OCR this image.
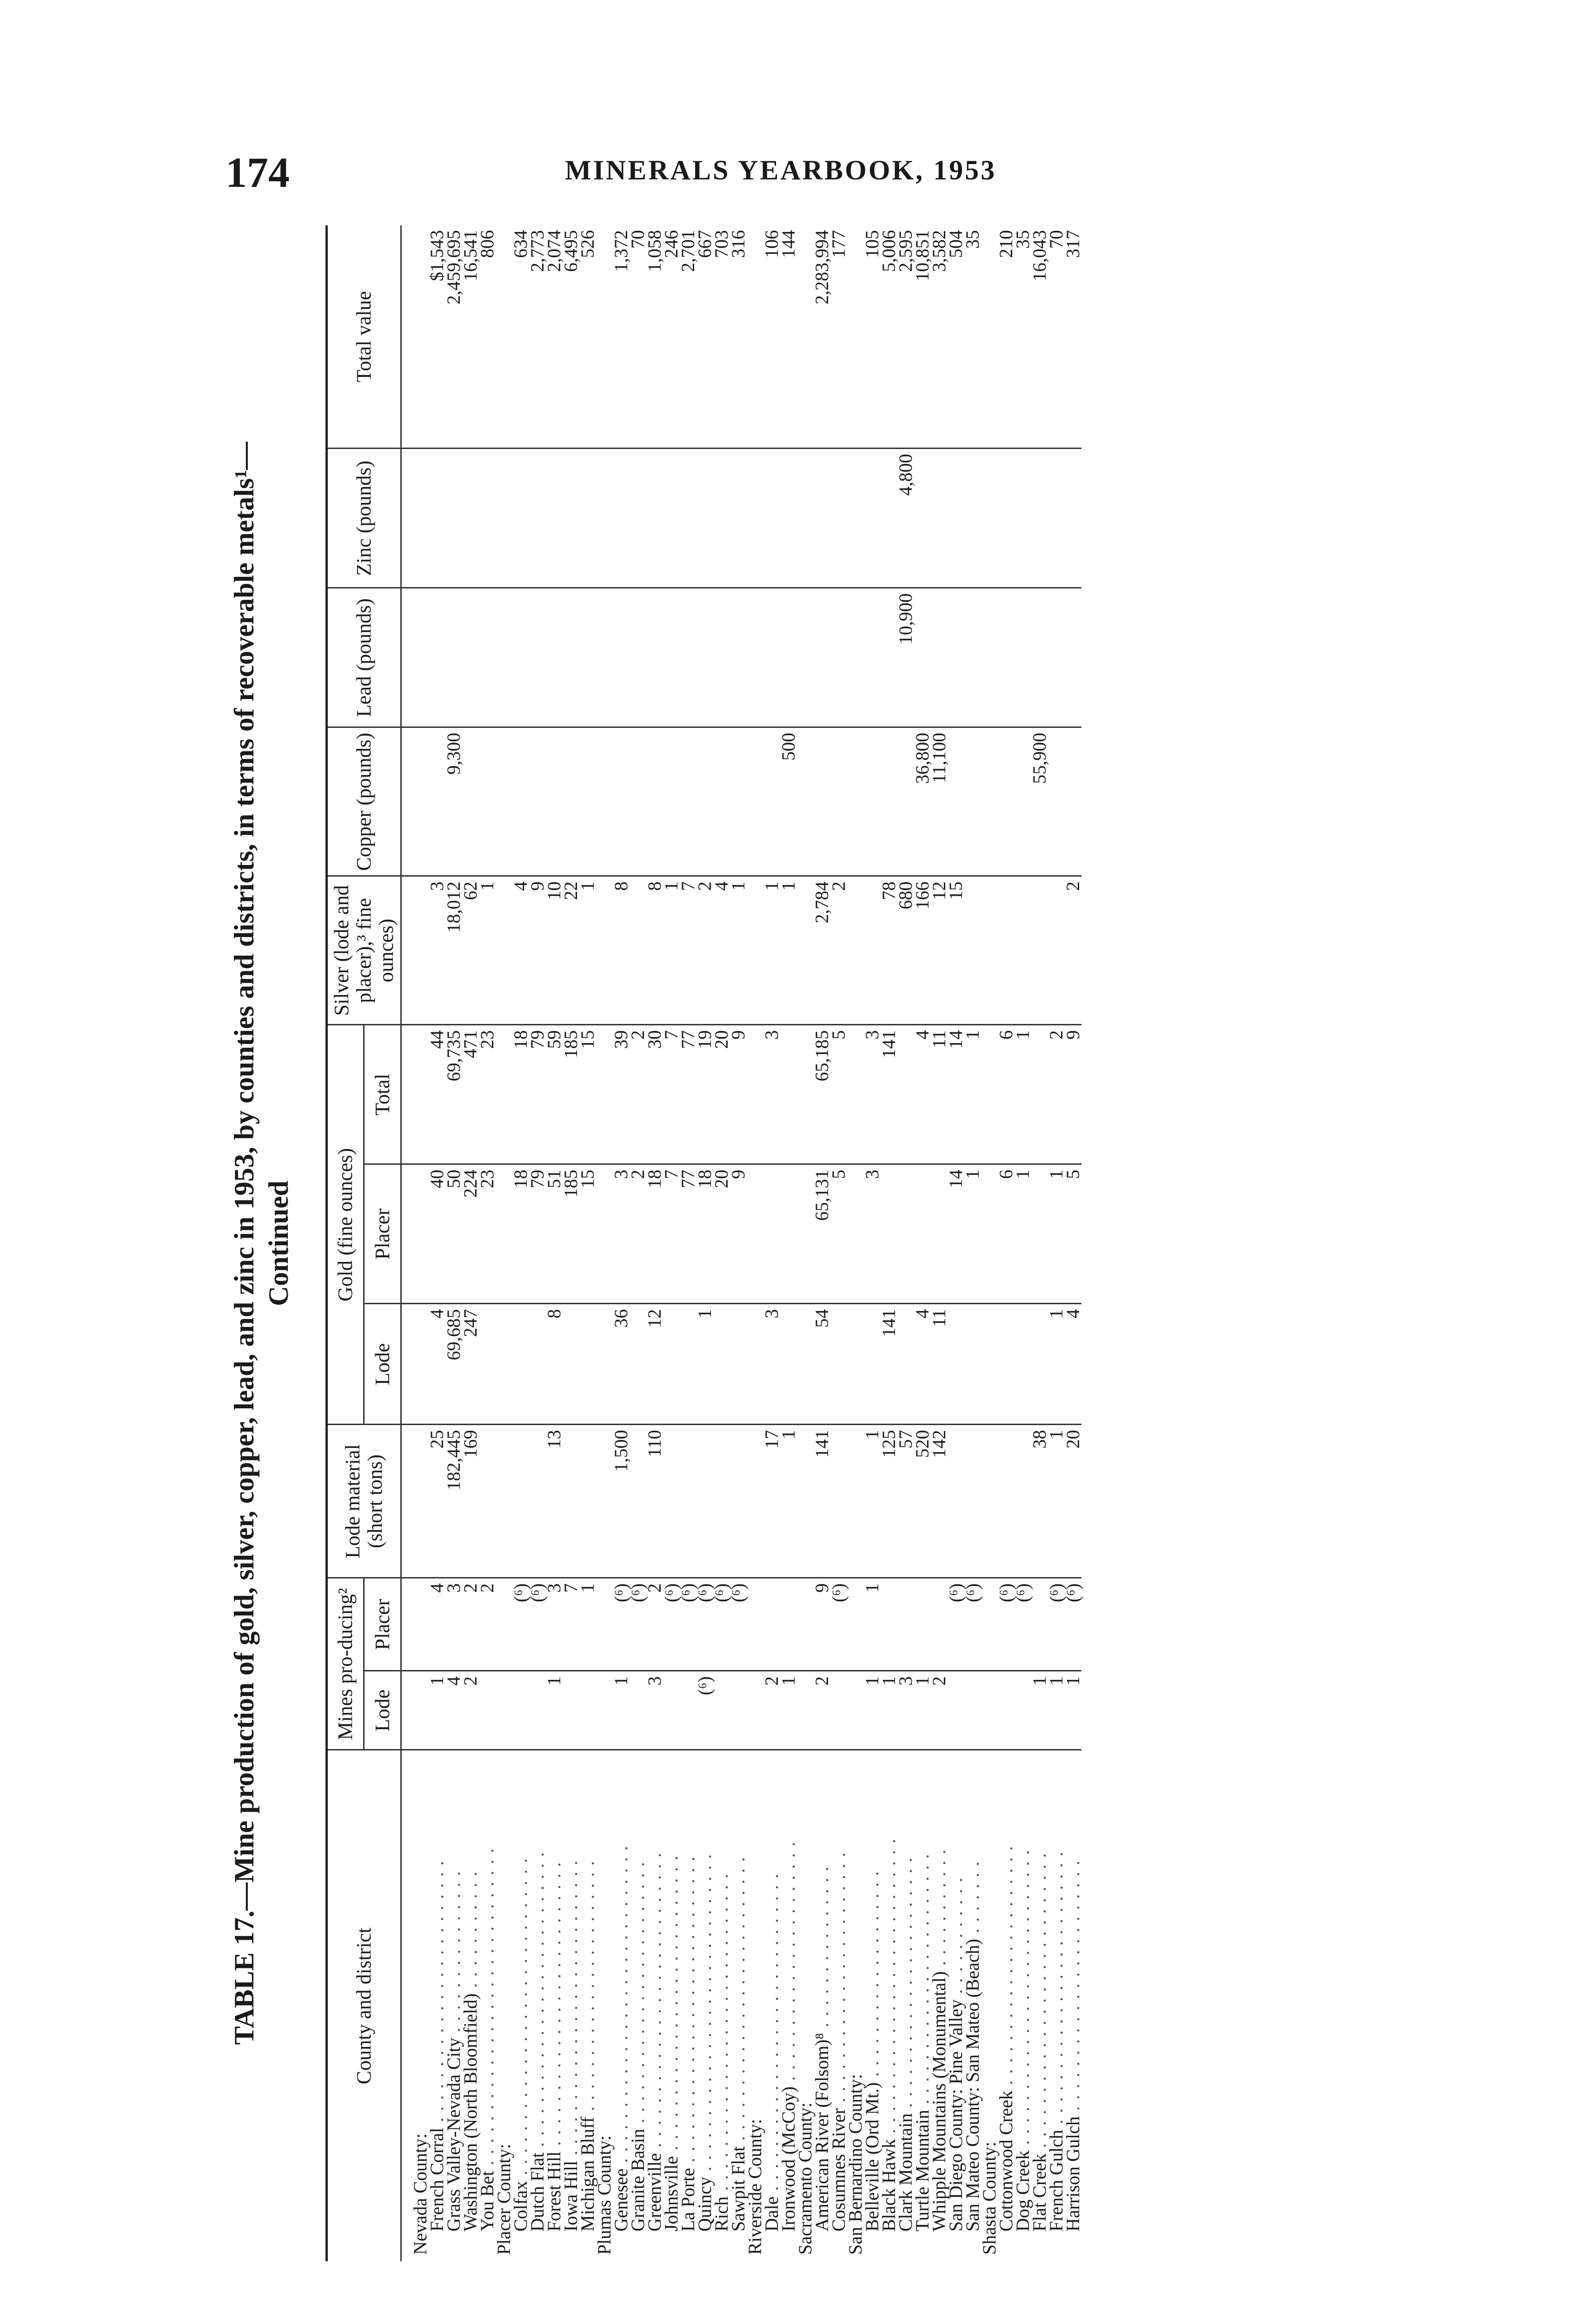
174	MINERALS YEARBOOK, 1953
TABLE 17.—Mine production of gold, silver, copper, lead, and zinc in 1953, by counties and districts, in terms of recoverable metals¹— Continued
County and district	Mines pro-ducing²		Lode material (short tons)	Gold (fine ounces)			Silver (lode and placer),³ fine ounces)	Copper (pounds)	Lead (pounds)	Zinc (pounds)	Total value
	Lode	Placer		Lode	Placer	Total					

Nevada County:											
French Corral . . . . . . . . . . . . . . . . . . . . . . . .	1	4	25	4	40	44	3				$1,543
Grass Valley-Nevada City . . . . . . . . . . . . . . .	4	3	182,445	69,685	50	69,735	18,012	9,300			2,459,695
Washington (North Bloomfield) . . . . . . . . . . .	2	2	169	247	224	471	62				16,541
You Bet . . . . . . . . . . . . . . . . . . . . . . . . . . . . .		2			23	23	1				806
Placer County:											
Colfax . . . . . . . . . . . . . . . . . . . . . . . . . . . . .		(⁶)			18	18	4				634
Dutch Flat . . . . . . . . . . . . . . . . . . . . . . . . . . .		(⁶)			79	79	9				2,773
Forest Hill . . . . . . . . . . . . . . . . . . . . . . . . . .	1	3	13	8	51	59	10				2,074
Iowa Hill . . . . . . . . . . . . . . . . . . . . . . . . . . .		7			185	185	22				6,495
Michigan Bluff . . . . . . . . . . . . . . . . . . . . . . .		1			15	15	1				526
Plumas County:											
Genesee . . . . . . . . . . . . . . . . . . . . . . . . . . . . .	1	(⁶)	1,500	36	3	39	8				1,372
Granite Basin . . . . . . . . . . . . . . . . . . . . . . . .		(⁶)			2	2					70
Greenville . . . . . . . . . . . . . . . . . . . . . . . . . . .	3	2	110	12	18	30	8				1,058
Johnsville . . . . . . . . . . . . . . . . . . . . . . . . . . .		(⁶)			7	7	1				246
La Porte . . . . . . . . . . . . . . . . . . . . . . . . . . . .		(⁶)			77	77	7				2,701
Quincy . . . . . . . . . . . . . . . . . . . . . . . . . . . . .	(⁶)	(⁶)		1	18	19	2				667
Rich . . . . . . . . . . . . . . . . . . . . . . . . . . . . .		(⁶)			20	20	4				703
Sawpit Flat . . . . . . . . . . . . . . . . . . . . . . . . . .		(⁶)			9	9	1				316
Riverside County:											
Dale . . . . . . . . . . . . . . . . . . . . . . . . . . . . .	2		17	3		3	1				106
Ironwood (McCoy) . . . . . . . . . . . . . . . . . . . . . .	1		1				1	500			144
Sacramento County:											
American River (Folsom)⁸ . . . . . . . . . . . . . . .	2	9	141	54	65,131	65,185	2,784				2,283,994
Cosumnes River . . . . . . . . . . . . . . . . . . . . . . .		(⁶)			5	5	2				177
San Bernardino County:											
Belleville (Ord Mt.) . . . . . . . . . . . . . . . . . . .	1	1	1		3	3					105
Black Hawk . . . . . . . . . . . . . . . . . . . . . . . . . . .	1		125	141		141	78				5,006
Clark Mountain . . . . . . . . . . . . . . . . . . . . . . .	3		57				680		10,900	4,800	2,595
Turtle Mountain . . . . . . . . . . . . . . . . . . . . . . .	1		520	4		4	166	36,800			10,851
Whipple Mountains (Monumental) . . . . . . . . . . .	2		142	11		11	12	11,100			3,582
San Diego County: Pine Valley . . . . . . . . . . .		(⁶)			14	14	15				504
San Mateo County: San Mateo (Beach) . . . . . . .		(⁶)			1	1					35
Shasta County:											
Cottonwood Creek . . . . . . . . . . . . . . . . . . . . . .		(⁶)			6	6					210
Dog Creek . . . . . . . . . . . . . . . . . . . . . . . . . . .		(⁶)			1	1					35
Flat Creek . . . . . . . . . . . . . . . . . . . . . . . . . . .	1		38					55,900			16,043
French Gulch . . . . . . . . . . . . . . . . . . . . . . . . .	1	(⁶)	1	1	1	2					70
Harrison Gulch . . . . . . . . . . . . . . . . . . . . . . .	1	(⁶)	20	4	5	9	2				317
